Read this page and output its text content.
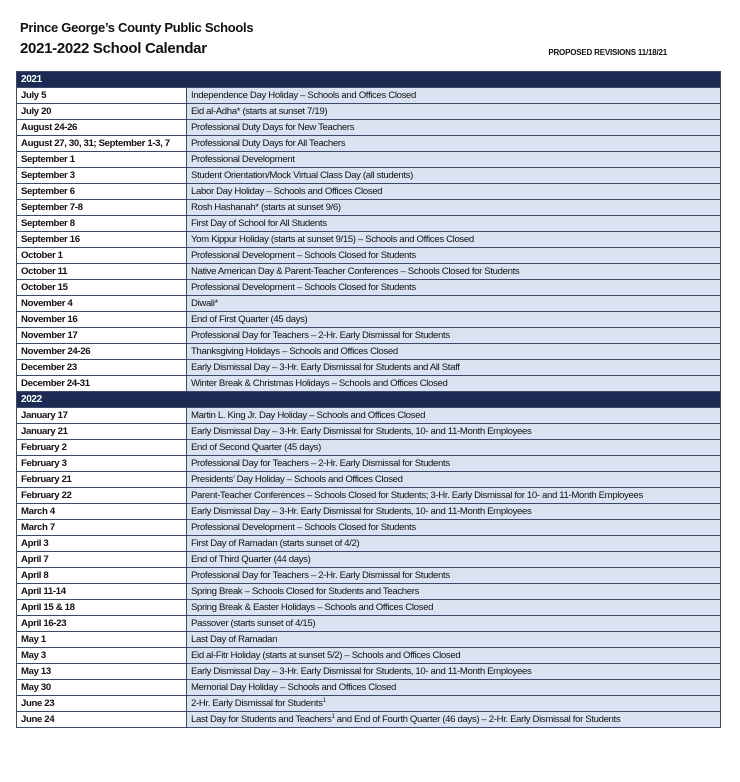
Prince George’s County Public Schools
2021-2022 School Calendar	PROPOSED REVISIONS 11/18/21
2021	
July 5	Independence Day Holiday – Schools and Offices Closed
July 20	Eid al-Adha* (starts at sunset 7/19)
August 24-26	Professional Duty Days for New Teachers
August 27, 30, 31; September 1-3, 7	Professional Duty Days for All Teachers
September 1	Professional Development
September 3	Student Orientation/Mock Virtual Class Day (all students)
September 6	Labor Day Holiday – Schools and Offices Closed
September 7-8	Rosh Hashanah* (starts at sunset 9/6)
September 8	First Day of School for All Students
September 16	Yom Kippur Holiday (starts at sunset 9/15) – Schools and Offices Closed
October 1	Professional Development – Schools Closed for Students
October 11	Native American Day & Parent-Teacher Conferences – Schools Closed for Students
October 15	Professional Development – Schools Closed for Students
November 4	Diwali*
November 16	End of First Quarter (45 days)
November 17	Professional Day for Teachers – 2-Hr. Early Dismissal for Students
November 24-26	Thanksgiving Holidays – Schools and Offices Closed
December 23	Early Dismissal Day – 3-Hr. Early Dismissal for Students and All Staff
December 24-31	Winter Break & Christmas Holidays – Schools and Offices Closed
2022	
January 17	Martin L. King Jr. Day Holiday – Schools and Offices Closed
January 21	Early Dismissal Day – 3-Hr. Early Dismissal for Students, 10- and 11-Month Employees
February 2	End of Second Quarter (45 days)
February 3	Professional Day for Teachers – 2-Hr. Early Dismissal for Students
February 21	Presidents’ Day Holiday – Schools and Offices Closed
February 22	Parent-Teacher Conferences – Schools Closed for Students; 3-Hr. Early Dismissal for 10- and 11-Month Employees
March 4	Early Dismissal Day – 3-Hr. Early Dismissal for Students, 10- and 11-Month Employees
March 7	Professional Development – Schools Closed for Students
April 3	First Day of Ramadan (starts sunset of 4/2)
April 7	End of Third Quarter (44 days)
April 8	Professional Day for Teachers – 2-Hr. Early Dismissal for Students
April 11-14	Spring Break – Schools Closed for Students and Teachers
April 15 & 18	Spring Break & Easter Holidays – Schools and Offices Closed
April 16-23	Passover (starts sunset of 4/15)
May 1	Last Day of Ramadan
May 3	Eid al-Fitr Holiday (starts at sunset 5/2) – Schools and Offices Closed
May 13	Early Dismissal Day – 3-Hr. Early Dismissal for Students, 10- and 11-Month Employees
May 30	Memorial Day Holiday – Schools and Offices Closed
June 23	2-Hr. Early Dismissal for Students$^1$
June 24	Last Day for Students and Teachers$^1$ and End of Fourth Quarter (46 days) – 2-Hr. Early Dismissal for Students
